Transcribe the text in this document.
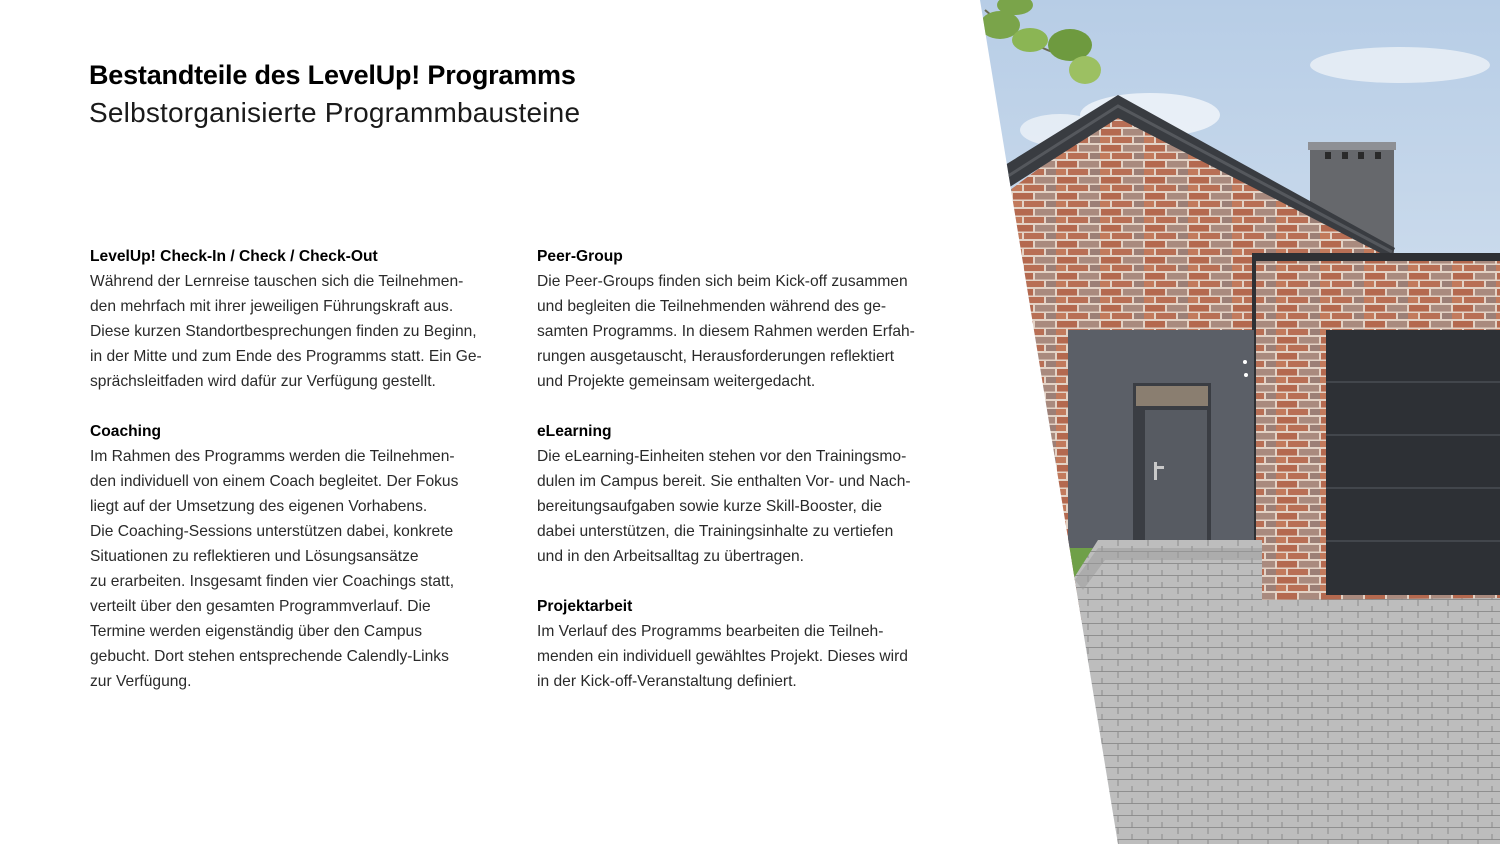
Bestandteile des LevelUp! Programms
Selbstorganisierte Programmbausteine
LevelUp! Check-In / Check / Check-Out
Während der Lernreise tauschen sich die Teilnehmen-
den mehrfach mit ihrer jeweiligen Führungskraft aus.
Diese kurzen Standortbesprechungen finden zu Beginn,
in der Mitte und zum Ende des Programms statt. Ein Ge-
sprächsleitfaden wird dafür zur Verfügung gestellt.
Coaching
Im Rahmen des Programms werden die Teilnehmen-
den individuell von einem Coach begleitet. Der Fokus
liegt auf der Umsetzung des eigenen Vorhabens.
Die Coaching-Sessions unterstützen dabei, konkrete
Situationen zu reflektieren und Lösungsansätze
zu erarbeiten. Insgesamt finden vier Coachings statt,
verteilt über den gesamten Programmverlauf. Die
Termine werden eigenständig über den Campus
gebucht. Dort stehen entsprechende Calendly-Links
zur Verfügung.
Peer-Group
Die Peer-Groups finden sich beim Kick-off zusammen
und begleiten die Teilnehmenden während des ge-
samten Programms. In diesem Rahmen werden Erfah-
rungen ausgetauscht, Herausforderungen reflektiert
und Projekte gemeinsam weitergedacht.
eLearning
Die eLearning-Einheiten stehen vor den Trainingsmo-
dulen im Campus bereit. Sie enthalten Vor- und Nach-
bereitungsaufgaben sowie kurze Skill-Booster, die
dabei unterstützen, die Trainingsinhalte zu vertiefen
und in den Arbeitsalltag zu übertragen.
Projektarbeit
Im Verlauf des Programms bearbeiten die Teilneh-
menden ein individuell gewähltes Projekt. Dieses wird
in der Kick-off-Veranstaltung definiert.
